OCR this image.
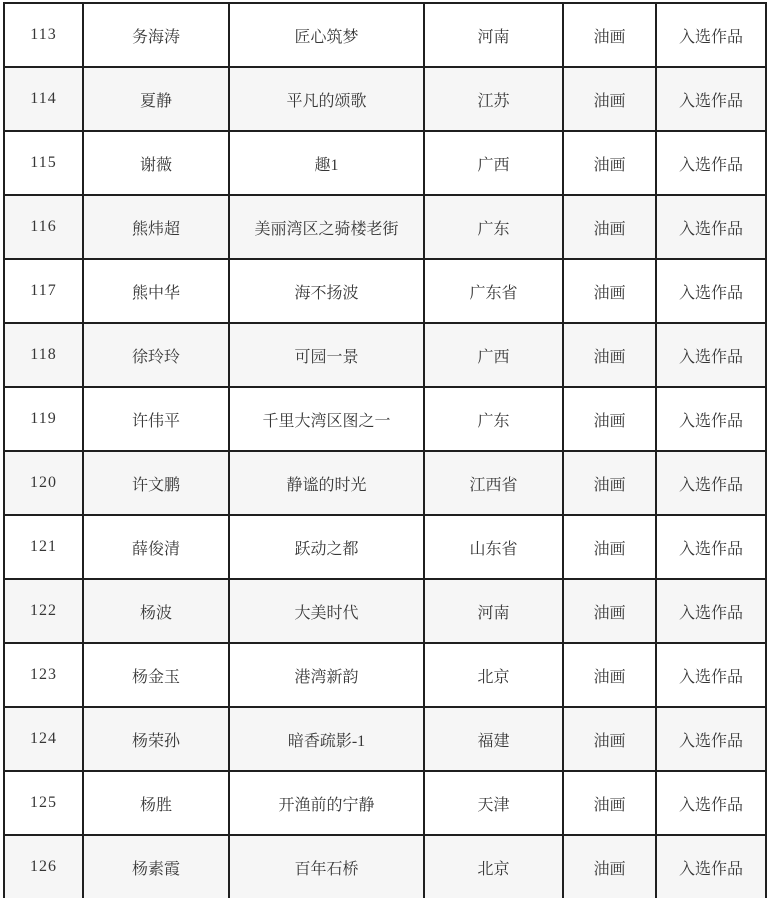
113	务海涛	匠心筑梦	河南	油画	入选作品
114	夏静	平凡的颂歌	江苏	油画	入选作品
115	谢薇	趣1	广西	油画	入选作品
116	熊炜超	美丽湾区之骑楼老街	广东	油画	入选作品
117	熊中华	海不扬波	广东省	油画	入选作品
118	徐玲玲	可园一景	广西	油画	入选作品
119	许伟平	千里大湾区图之一	广东	油画	入选作品
120	许文鹏	静谧的时光	江西省	油画	入选作品
121	薛俊清	跃动之都	山东省	油画	入选作品
122	杨波	大美时代	河南	油画	入选作品
123	杨金玉	港湾新韵	北京	油画	入选作品
124	杨荣孙	暗香疏影-1	福建	油画	入选作品
125	杨胜	开渔前的宁静	天津	油画	入选作品
126	杨素霞	百年石桥	北京	油画	入选作品
